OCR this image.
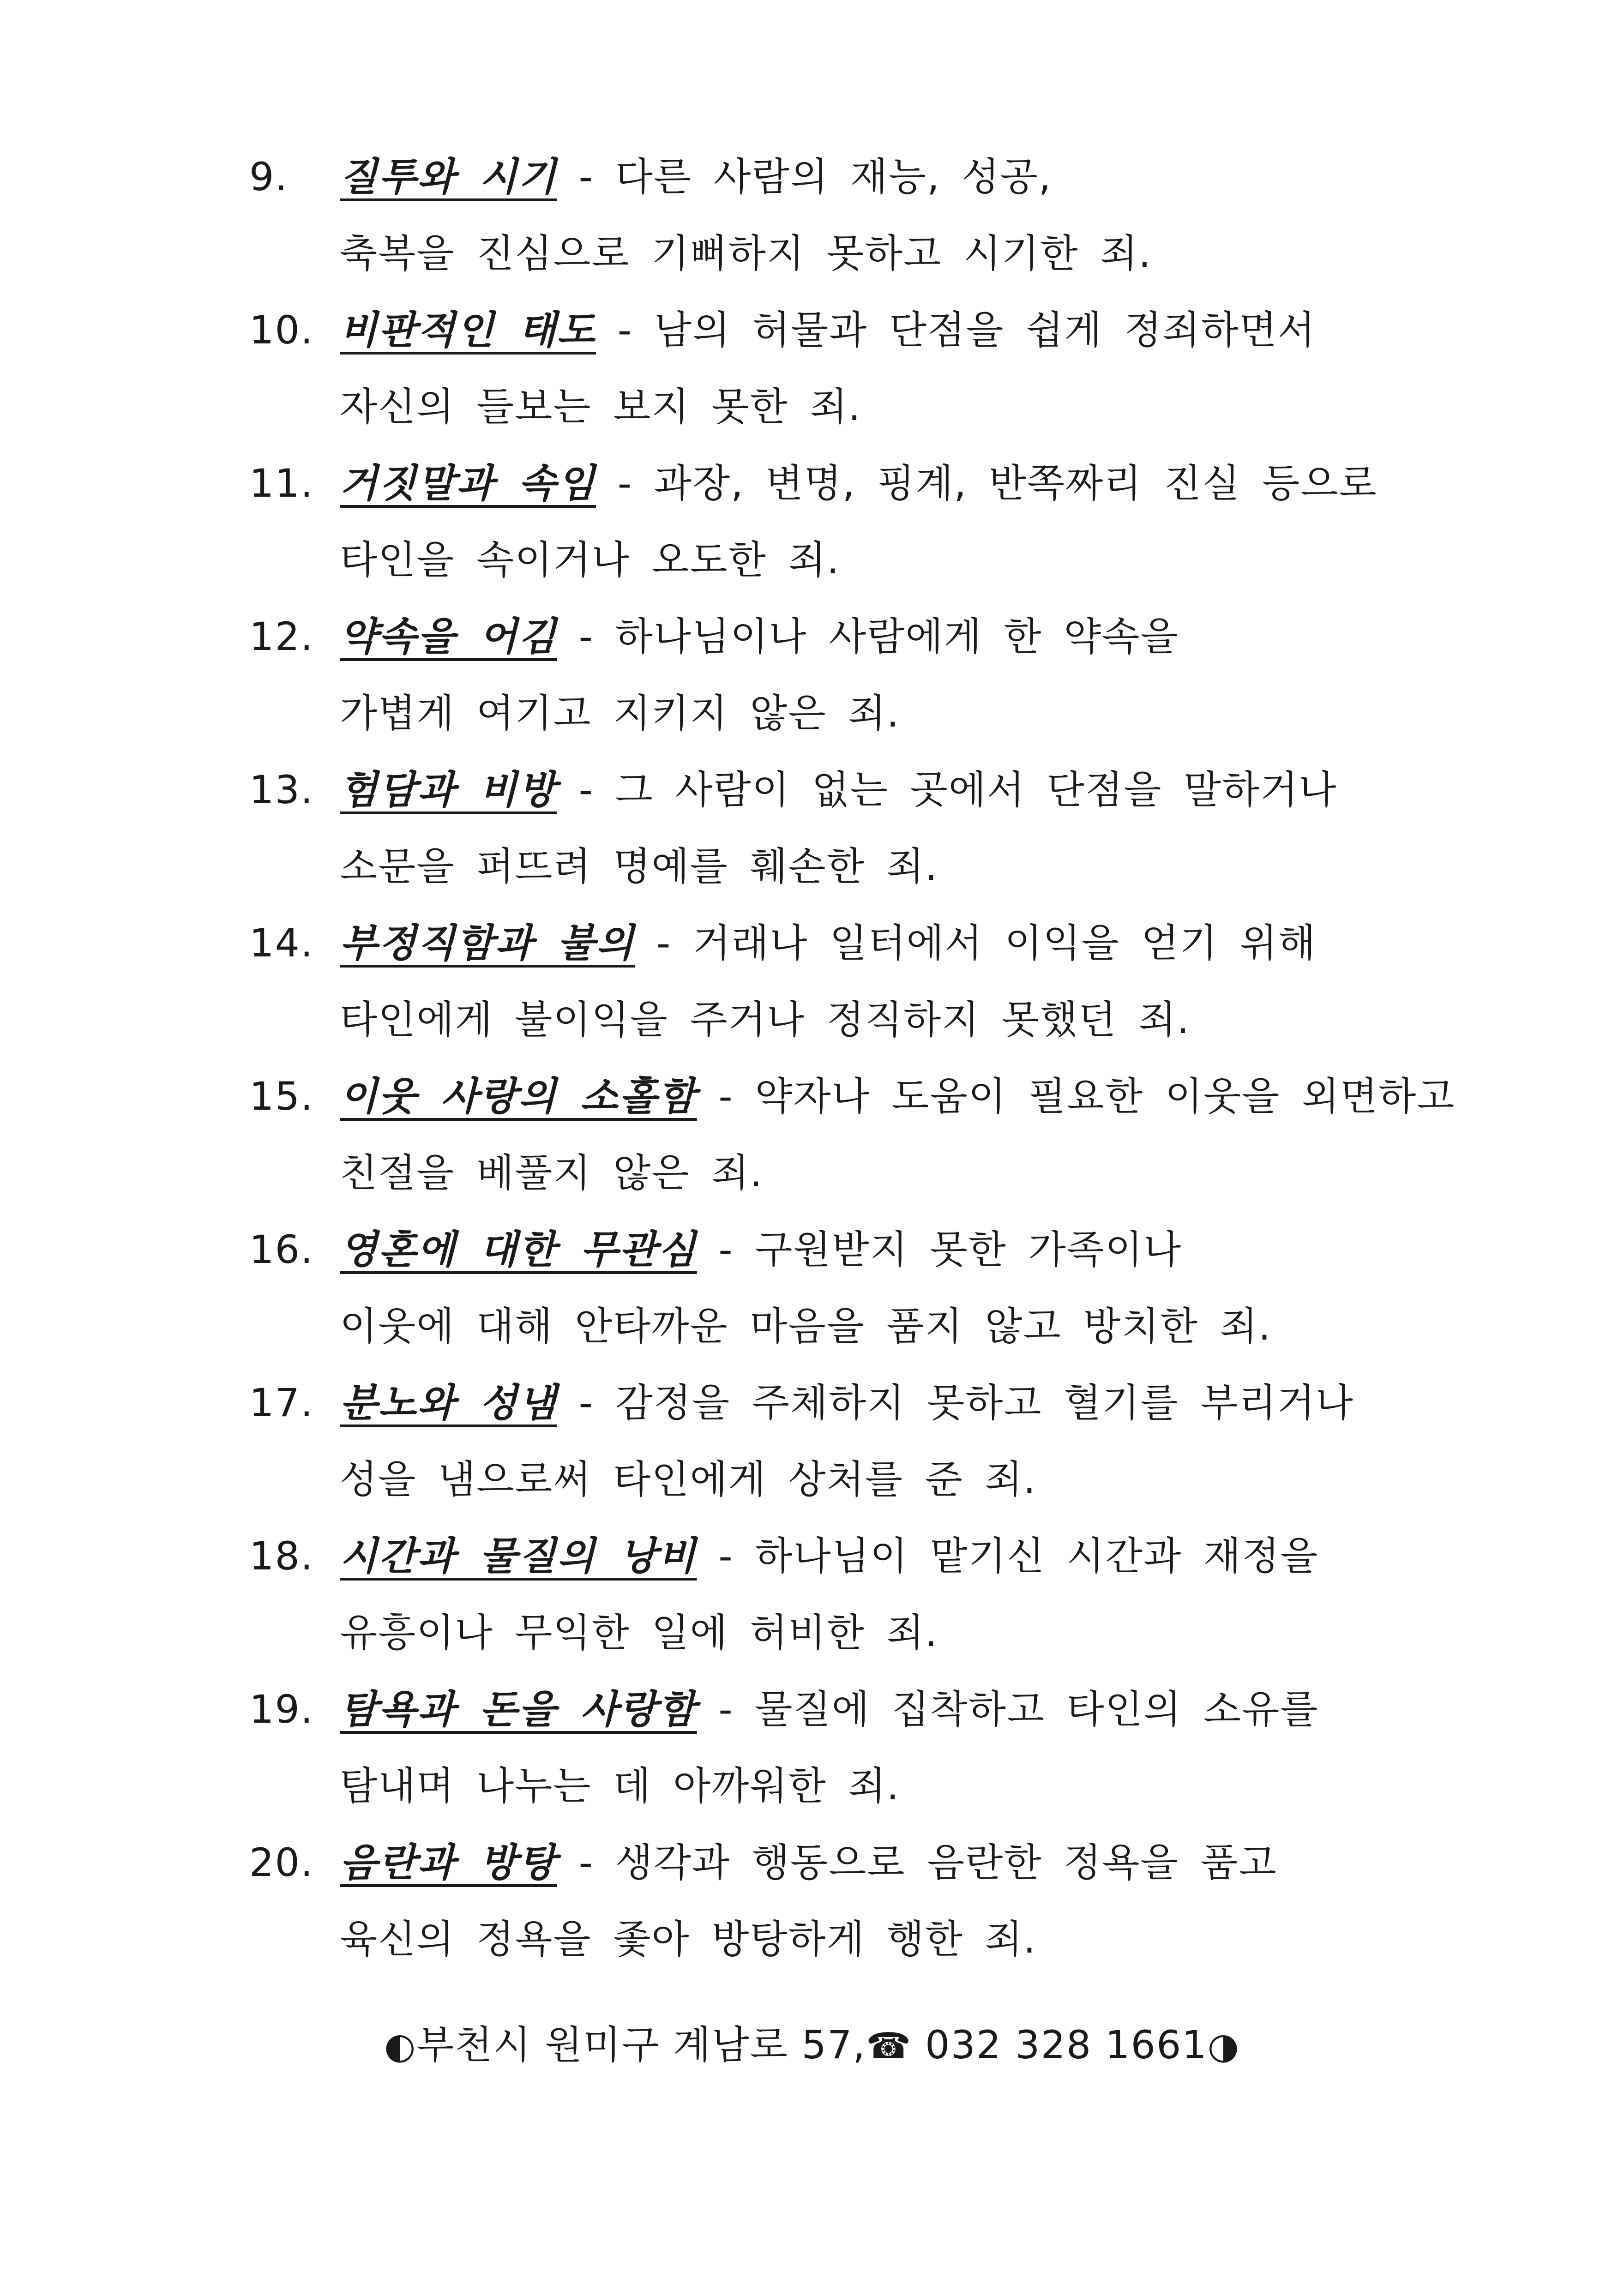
9. 질투와 시기 - 다른 사람의 재능, 성공,
축복을 진심으로 기뻐하지 못하고 시기한 죄.
10. 비판적인 태도 - 남의 허물과 단점을 쉽게 정죄하면서
자신의 들보는 보지 못한 죄.
11. 거짓말과 속임 - 과장, 변명, 핑계, 반쪽짜리 진실 등으로
타인을 속이거나 오도한 죄.
12. 약속을 어김 - 하나님이나 사람에게 한 약속을
가볍게 여기고 지키지 않은 죄.
13. 험담과 비방 - 그 사람이 없는 곳에서 단점을 말하거나
소문을 퍼뜨려 명예를 훼손한 죄.
14. 부정직함과 불의 - 거래나 일터에서 이익을 얻기 위해
타인에게 불이익을 주거나 정직하지 못했던 죄.
15. 이웃 사랑의 소홀함 - 약자나 도움이 필요한 이웃을 외면하고
친절을 베풀지 않은 죄.
16. 영혼에 대한 무관심 - 구원받지 못한 가족이나
이웃에 대해 안타까운 마음을 품지 않고 방치한 죄.
17. 분노와 성냄 - 감정을 주체하지 못하고 혈기를 부리거나
성을 냄으로써 타인에게 상처를 준 죄.
18. 시간과 물질의 낭비 - 하나님이 맡기신 시간과 재정을
유흥이나 무익한 일에 허비한 죄.
19. 탐욕과 돈을 사랑함 - 물질에 집착하고 타인의 소유를
탐내며 나누는 데 아까워한 죄.
20. 음란과 방탕 - 생각과 행동으로 음란한 정욕을 품고
육신의 정욕을 좇아 방탕하게 행한 죄.
◐부천시 원미구 계남로 57,☎ 032 328 1661◑
